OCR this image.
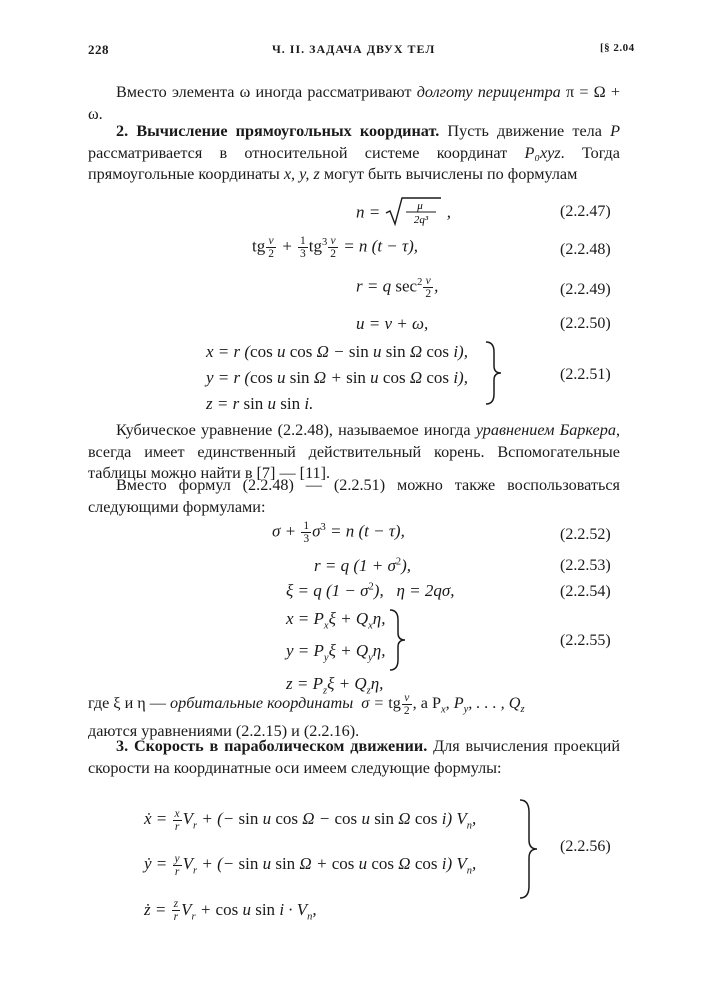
228	Ч. II. ЗАДАЧА ДВУХ ТЕЛ	[§ 2.04

Вместо элемента ω иногда рассматривают долготу перицентра π = Ω + ω.

2. Вычисление прямоугольных координат. Пусть движение тела P рассматривается в относительной системе координат P₀xyz. Тогда прямоугольные координаты x, y, z могут быть вычислены по формулам

n =	μ
2q³ ,	(2.2.47)
tg $\frac{v}{2} + \frac{1}{3} tg^3 \frac{v}{2} = n$ (t − τ),	(2.2.48)
r = q $\sec^2 \frac{v}{2}$ ,	(2.2.49)
u = v + ω,	(2.2.50)
x = r (cos u cos Ω − sin u sin Ω cos i),
y = r (cos u sin Ω + sin u cos Ω cos i),
z = r sin u sin i.
(2.2.51)

Кубическое уравнение (2.2.48), называемое иногда уравнением Баркера, всегда имеет единственный действительный корень. Вспомогательные таблицы можно найти в [7] — [11].

Вместо формул (2.2.48) — (2.2.51) можно также воспользоваться следующими формулами:

$\sigma + \frac{1}{3} \sigma^3 = n$ (t − τ),	(2.2.52)
r = q $(1 + \sigma^2)$,	(2.2.53)
ξ = q $(1 - \sigma^2)$,   η = 2qσ,	(2.2.54)
$x = P_x\xi + Q_x\eta$,
$y = P_y\xi + Q_y\eta$,
$z = P_z\xi + Q_z\eta$,
(2.2.55)

где ξ и η — орбитальные координаты  σ = tg $\frac{v}{2}$ , а $P_x$, $P_y$, . . . , $Q_z$
даются уравнениями (2.2.15) и (2.2.16).

3. Скорость в параболическом движении. Для вычисления проекций скорости на координатные оси имеем следующие формулы:

ẋ = $\frac{x}{r} V_r$ + (− sin u cos Ω − cos u sin Ω cos i) $V_n$,
ẏ = $\frac{y}{r} V_r$ + (− sin u sin Ω + cos u cos Ω cos i) $V_n$,
ż = $\frac{z}{r} V_r + \cos u$ $\sin i \cdot V_n$,
(2.2.56)
